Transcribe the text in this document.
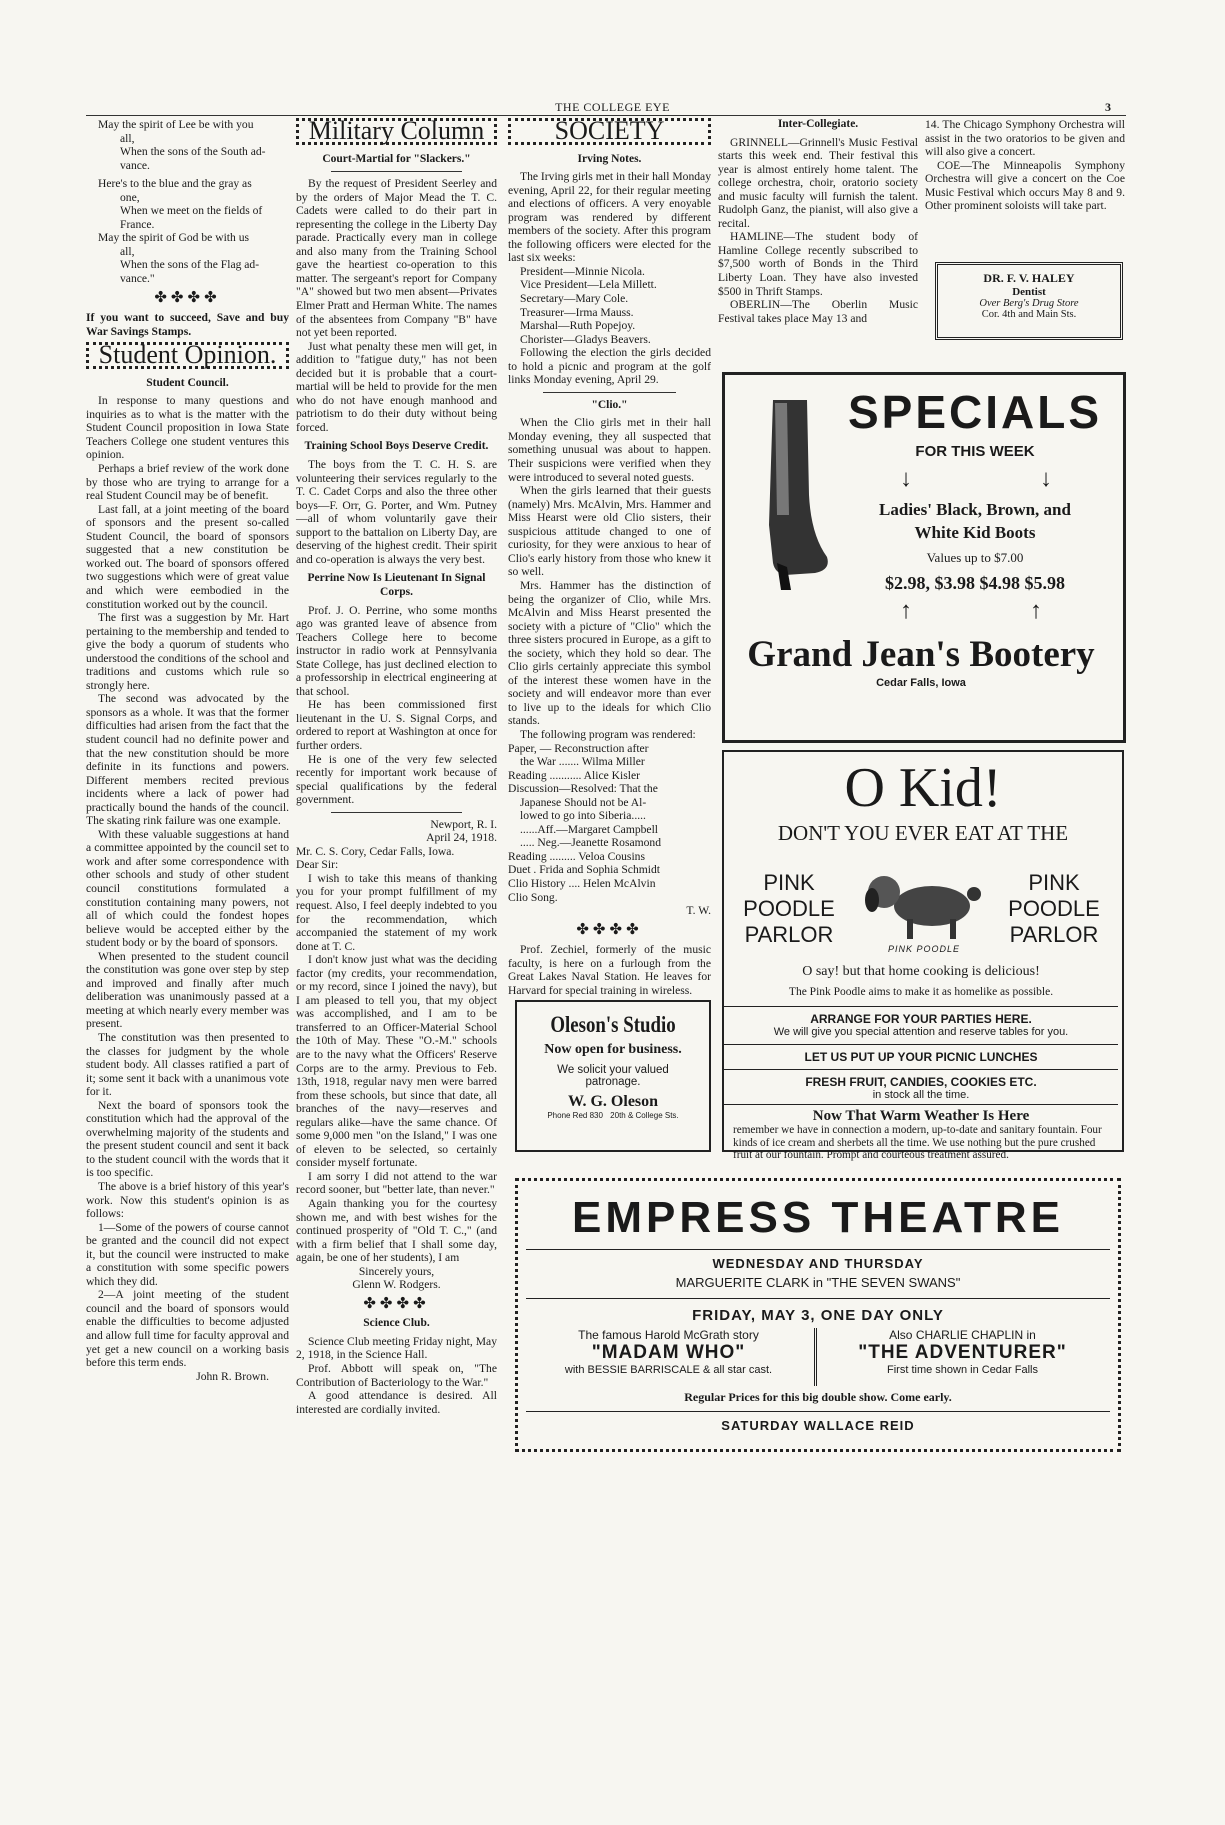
THE COLLEGE EYE	3

May the spirit of Lee be with you

all,

When the sons of the South ad-

vance.

Here's to the blue and the gray as

one,

When we meet on the fields of

France.

May the spirit of God be with us

all,

When the sons of the Flag ad-

vance."

✤✤✤✤

If you want to succeed, Save and buy War Savings Stamps.

Student Opinion.
Student Council.

In response to many questions and inquiries as to what is the matter with the Student Council proposition in Iowa State Teachers College one student ventures this opinion.

Perhaps a brief review of the work done by those who are trying to arrange for a real Student Council may be of benefit.

Last fall, at a joint meeting of the board of sponsors and the present so-called Student Council, the board of sponsors suggested that a new constitution be worked out. The board of sponsors offered two suggestions which were of great value and which were eembodied in the constitution worked out by the council.

The first was a suggestion by Mr. Hart pertaining to the membership and tended to give the body a quorum of students who understood the conditions of the school and traditions and customs which rule so strongly here.

The second was advocated by the sponsors as a whole. It was that the former difficulties had arisen from the fact that the student council had no definite power and that the new constitution should be more definite in its functions and powers. Different members recited previous incidents where a lack of power had practically bound the hands of the council. The skating rink failure was one example.

With these valuable suggestions at hand a committee appointed by the council set to work and after some correspondence with other schools and study of other student council constitutions formulated a constitution containing many powers, not all of which could the fondest hopes believe would be accepted either by the student body or by the board of sponsors.

When presented to the student council the constitution was gone over step by step and improved and finally after much deliberation was unanimously passed at a meeting at which nearly every member was present.

The constitution was then presented to the classes for judgment by the whole student body. All classes ratified a part of it; some sent it back with a unanimous vote for it.

Next the board of sponsors took the constitution which had the approval of the overwhelming majority of the students and the present student council and sent it back to the student council with the words that it is too specific.

The above is a brief history of this year's work. Now this student's opinion is as follows:

1—Some of the powers of course cannot be granted and the council did not expect it, but the council were instructed to make a constitution with some specific powers which they did.

2—A joint meeting of the student council and the board of sponsors would enable the difficulties to become adjusted and allow full time for faculty approval and yet get a new council on a working basis before this term ends.

John R. Brown.

Military Column
Court-Martial for "Slackers."

By the request of President Seerley and by the orders of Major Mead the T. C. Cadets were called to do their part in representing the college in the Liberty Day parade. Practically every man in college and also many from the Training School gave the heartiest co-operation to this matter. The sergeant's report for Company "A" showed but two men absent—Privates Elmer Pratt and Herman White. The names of the absentees from Company "B" have not yet been reported.

Just what penalty these men will get, in addition to "fatigue duty," has not been decided but it is probable that a court-martial will be held to provide for the men who do not have enough manhood and patriotism to do their duty without being forced.

Training School Boys Deserve Credit.

The boys from the T. C. H. S. are volunteering their services regularly to the T. C. Cadet Corps and also the three other boys—F. Orr, G. Porter, and Wm. Putney—all of whom voluntarily gave their support to the battalion on Liberty Day, are deserving of the highest credit. Their spirit and co-operation is always the very best.

Perrine Now Is Lieutenant In Signal Corps.

Prof. J. O. Perrine, who some months ago was granted leave of absence from Teachers College here to become instructor in radio work at Pennsylvania State College, has just declined election to a professorship in electrical engineering at that school.

He has been commissioned first lieutenant in the U. S. Signal Corps, and ordered to report at Washington at once for further orders.

He is one of the very few selected recently for important work because of special qualifications by the federal government.

Newport, R. I.

April 24, 1918.

Mr. C. S. Cory, Cedar Falls, Iowa.

Dear Sir:

I wish to take this means of thanking you for your prompt fulfillment of my request. Also, I feel deeply indebted to you for the recommendation, which accompanied the statement of my work done at T. C.

I don't know just what was the deciding factor (my credits, your recommendation, or my record, since I joined the navy), but I am pleased to tell you, that my object was accomplished, and I am to be transferred to an Officer-Material School the 10th of May. These "O.-M." schools are to the navy what the Officers' Reserve Corps are to the army. Previous to Feb. 13th, 1918, regular navy men were barred from these schools, but since that date, all branches of the navy—reserves and regulars alike—have the same chance. Of some 9,000 men "on the Island," I was one of eleven to be selected, so certainly consider myself fortunate.

I am sorry I did not attend to the war record sooner, but "better late, than never."

Again thanking you for the courtesy shown me, and with best wishes for the continued prosperity of "Old T. C.," (and with a firm belief that I shall some day, again, be one of her students), I am

Sincerely yours,

Glenn W. Rodgers.

✤✤✤✤
Science Club.

Science Club meeting Friday night, May 2, 1918, in the Science Hall.

Prof. Abbott will speak on, "The Contribution of Bacteriology to the War."

A good attendance is desired. All interested are cordially invited.

SOCIETY
Irving Notes.

The Irving girls met in their hall Monday evening, April 22, for their regular meeting and elections of officers. A very enoyable program was rendered by different members of the society. After this program the following officers were elected for the last six weeks:

President—Minnie Nicola.

Vice President—Lela Millett.

Secretary—Mary Cole.

Treasurer—Irma Mauss.

Marshal—Ruth Popejoy.

Chorister—Gladys Beavers.

Following the election the girls decided to hold a picnic and program at the golf links Monday evening, April 29.

"Clio."

When the Clio girls met in their hall Monday evening, they all suspected that something unusual was about to happen. Their suspicions were verified when they were introduced to several noted guests.

When the girls learned that their guests (namely) Mrs. McAlvin, Mrs. Hammer and Miss Hearst were old Clio sisters, their suspicious attitude changed to one of curiosity, for they were anxious to hear of Clio's early history from those who knew it so well.

Mrs. Hammer has the distinction of being the organizer of Clio, while Mrs. McAlvin and Miss Hearst presented the society with a picture of "Clio" which the three sisters procured in Europe, as a gift to the society, which they hold so dear. The Clio girls certainly appreciate this symbol of the interest these women have in the society and will endeavor more than ever to live up to the ideals for which Clio stands.

The following program was rendered:

Paper, — Reconstruction after

the War ....... Wilma Miller

Reading ........... Alice Kisler

Discussion—Resolved: That the

Japanese Should not be Al-

lowed to go into Siberia.....

......Aff.—Margaret Campbell

..... Neg.—Jeanette Rosamond

Reading ......... Veloa Cousins

Duet . Frida and Sophia Schmidt

Clio History .... Helen McAlvin

Clio Song.

T. W.

✤✤✤✤

Prof. Zechiel, formerly of the music faculty, is here on a furlough from the Great Lakes Naval Station. He leaves for Harvard for special training in wireless.

Inter-Collegiate.

GRINNELL—Grinnell's Music Festival starts this week end. Their festival this year is almost entirely home talent. The college orchestra, choir, oratorio society and music faculty will furnish the talent. Rudolph Ganz, the pianist, will also give a recital.

HAMLINE—The student body of Hamline College recently subscribed to $7,500 worth of Bonds in the Third Liberty Loan. They have also invested $500 in Thrift Stamps.

OBERLIN—The Oberlin Music Festival takes place May 13 and

14. The Chicago Symphony Orchestra will assist in the two oratorios to be given and will also give a concert.

COE—The Minneapolis Symphony Orchestra will give a concert on the Coe Music Festival which occurs May 8 and 9. Other prominent soloists will take part.

DR. F. V. HALEY
Dentist
Over Berg's Drug Store
Cor. 4th and Main Sts.
SPECIALS
FOR THIS WEEK
↓	↓
Ladies' Black, Brown, and
White Kid Boots
Values up to $7.00
$2.98, $3.98 $4.98 $5.98
↑	↑
Grand Jean's Bootery
Cedar Falls, Iowa
Oleson's Studio
Now open for business.
We solicit your valued
patronage.
W. G. Oleson
Phone Red 830 20th & College Sts.
O Kid!
DON'T YOU EVER EAT AT THE
PINK
POODLE
PARLOR
PINK POODLE
PINK
POODLE
PARLOR
O say! but that home cooking is delicious!
The Pink Poodle aims to make it as homelike as possible.
ARRANGE FOR YOUR PARTIES HERE.
We will give you special attention and reserve tables for you.
LET US PUT UP YOUR PICNIC LUNCHES
FRESH FRUIT, CANDIES, COOKIES ETC.
in stock all the time.
Now That Warm Weather Is Here
remember we have in connection a modern, up-to-date and sanitary fountain. Four kinds of ice cream and sherbets all the time. We use nothing but the pure crushed fruit at our fountain. Prompt and courteous treatment assured.
EMPRESS THEATRE
WEDNESDAY AND THURSDAY
MARGUERITE CLARK in "THE SEVEN SWANS"
FRIDAY, MAY 3, ONE DAY ONLY
The famous Harold McGrath story
"MADAM WHO"
with BESSIE BARRISCALE & all star cast.
Also CHARLIE CHAPLIN in
"THE ADVENTURER"
First time shown in Cedar Falls
Regular Prices for this big double show. Come early.
SATURDAY WALLACE REID
